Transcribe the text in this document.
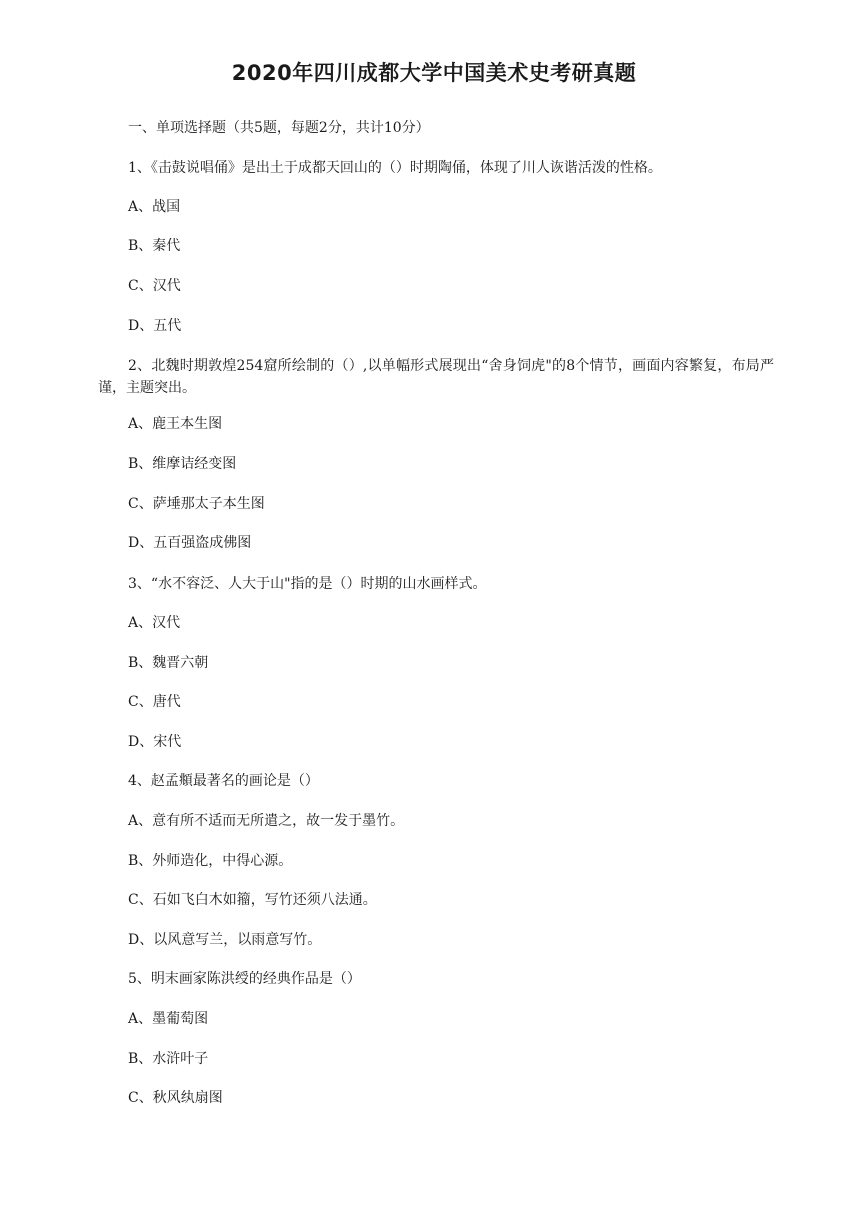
2020年四川成都大学中国美术史考研真题
一、单项选择题（共5题，每题2分，共计10分）
1、《击鼓说唱俑》是出土于成都天回山的（）时期陶俑，体现了川人诙谐活泼的性格。
A、战国
B、秦代
C、汉代
D、五代
2、北魏时期敦煌254窟所绘制的（）,以单幅形式展现出“舍身饲虎"的8个情节，画面内容繁复，布局严谨，主题突出。
A、鹿王本生图
B、维摩诘经变图
C、萨埵那太子本生图
D、五百强盗成佛图
3、“水不容泛、人大于山"指的是（）时期的山水画样式。
A、汉代
B、魏晋六朝
C、唐代
D、宋代
4、赵孟頫最著名的画论是（）
A、意有所不适而无所遣之，故一发于墨竹。
B、外师造化，中得心源。
C、石如飞白木如籀，写竹还须八法通。
D、以风意写兰，以雨意写竹。
5、明末画家陈洪绶的经典作品是（）
A、墨葡萄图
B、水浒叶子
C、秋风纨扇图
